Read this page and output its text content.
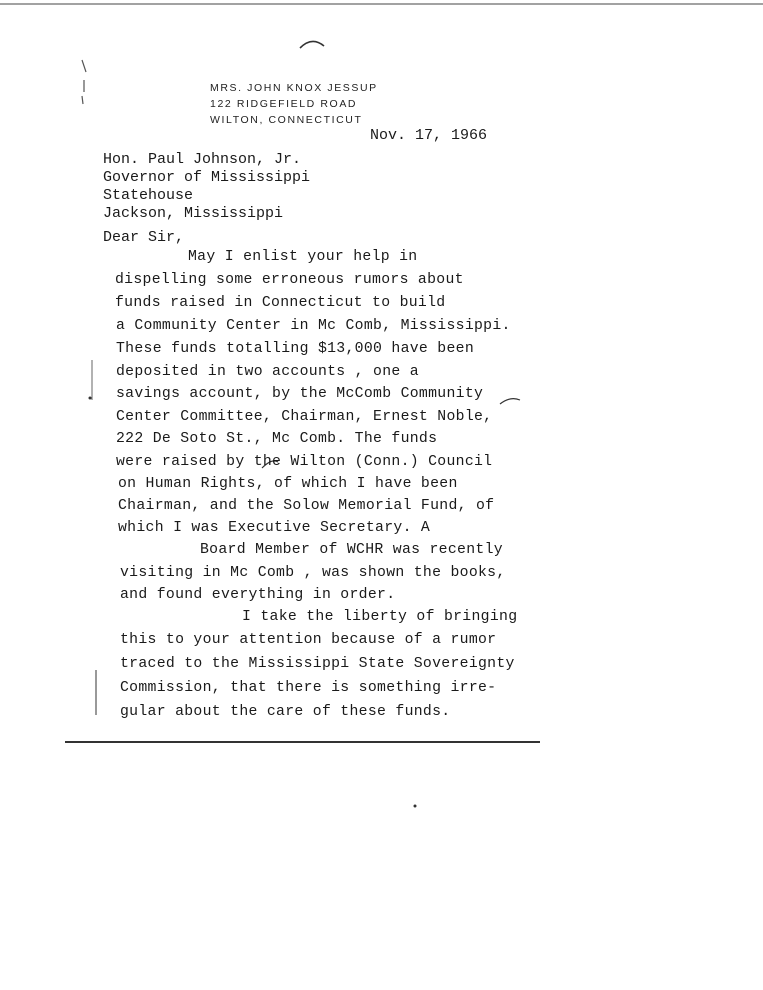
MRS. JOHN KNOX JESSUP
122 RIDGEFIELD ROAD
WILTON, CONNECTICUT
Nov. 17, 1966
Hon. Paul Johnson, Jr.
Governor of Mississippi
Statehouse
Jackson, Mississippi
Dear Sir,
May I enlist your help in
dispelling some erroneous rumors about
funds raised in Connecticut to build
a Community Center in Mc Comb, Mississippi.
These funds totalling $13,000 have been
deposited in two accounts , one a
savings account, by the McComb Community
Center Committee, Chairman, Ernest Noble,
222 De Soto St., Mc Comb. The funds
were raised by the Wilton (Conn.) Council
on Human Rights, of which I have been
Chairman, and the Solow Memorial Fund, of
which I was Executive Secretary. A
Board Member of WCHR was recently
visiting in Mc Comb , was shown the books,
and found everything in order.
I take the liberty of bringing
this to your attention because of a rumor
traced to the Mississippi State Sovereignty
Commission, that there is something irre-
gular about the care of these funds.
